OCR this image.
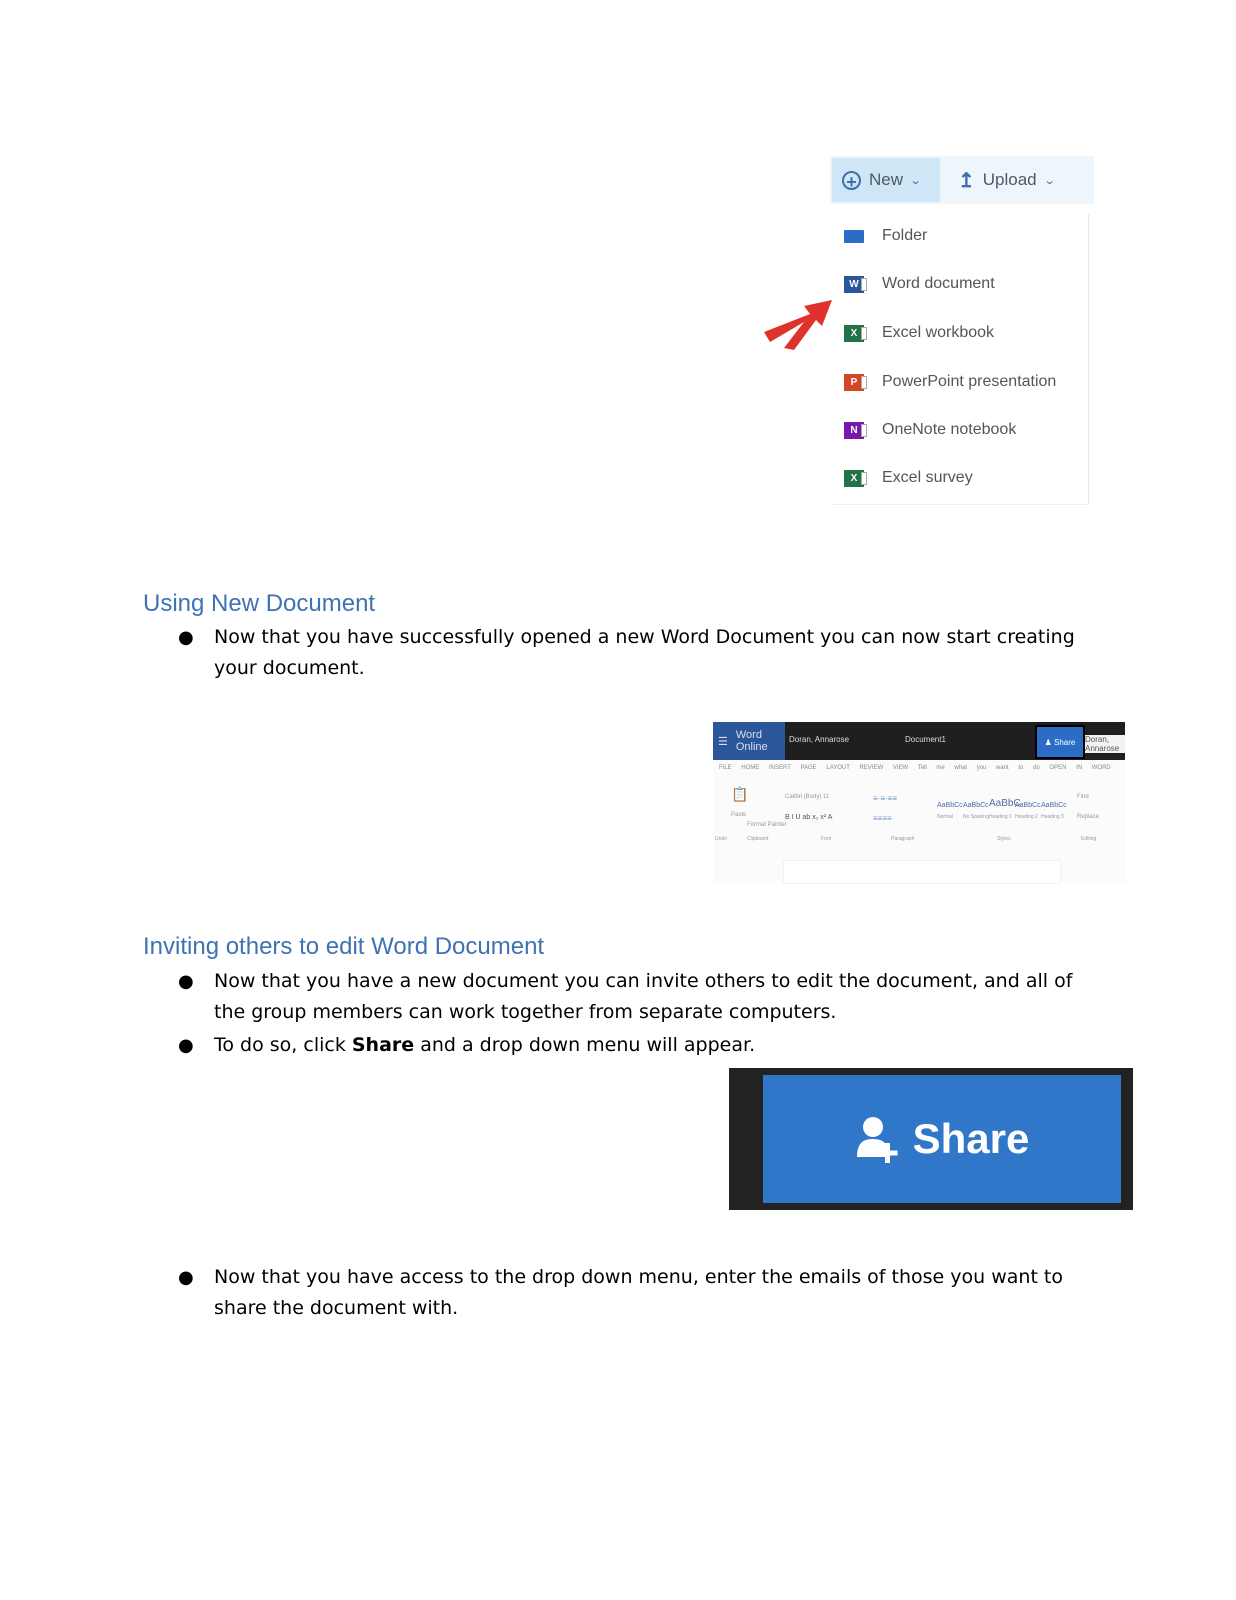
+ New ⌄ ↥ Upload ⌄
Folder
W	Word document
X	Excel workbook
P	PowerPoint presentation
N	OneNote notebook
X	Excel survey
Using New Document
● Now that you have successfully opened a new Word Document you can now start creating your document.
☰
Word Online
Doran, Annarose	Document1	♟
Share Doran, Annarose
FILE HOME INSERT PAGE LAYOUT REVIEW VIEW Tell me what you want to do OPEN IN WORD
📋
Paste
Format Painter
Calibri (Body) 11
B I U ab x₂ x² A
≡·≡·≡≡
≡≡≡≡
AaBbCc
Normal
AaBbCc
No Spacing
AaBbC
Heading 1
AaBbCc
Heading 2
AaBbCc
Heading 3
Find
Replace
Undo	Clipboard	Font	Paragraph	Styles	Editing
Inviting others to edit Word Document
● Now that you have a new document you can invite others to edit the document, and all of the group members can work together from separate computers.
● To do so, click Share and a drop down menu will appear.
Share
● Now that you have access to the drop down menu, enter the emails of those you want to share the document with.
